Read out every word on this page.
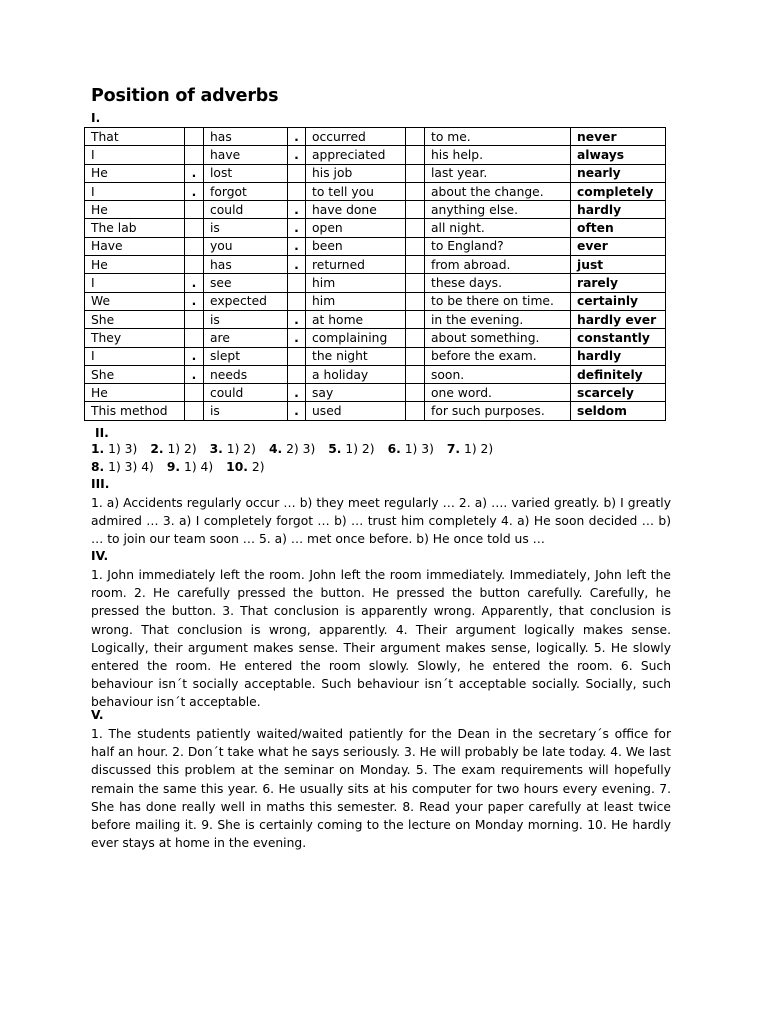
Position of adverbs
I.
That		has	.	occurred		to me.	never
I		have	.	appreciated		his help.	always
He	.	lost		his job		last year.	nearly
I	.	forgot		to tell you		about the change.	completely
He		could	.	have done		anything else.	hardly
The lab		is	.	open		all night.	often
Have		you	.	been		to England?	ever
He		has	.	returned		from abroad.	just
I	.	see		him		these days.	rarely
We	.	expected		him		to be there on time.	certainly
She		is	.	at home		in the evening.	hardly ever
They		are	.	complaining		about something.	constantly
I	.	slept		the night		before the exam.	hardly
She	.	needs		a holiday		soon.	definitely
He		could	.	say		one word.	scarcely
This method		is	.	used		for such purposes.	seldom
II.
1. 1) 3) 2. 1) 2) 3. 1) 2) 4. 2) 3) 5. 1) 2) 6. 1) 3) 7. 1) 2)
8. 1) 3) 4) 9. 1) 4) 10. 2)
III.
1. a) Accidents regularly occur … b) they meet regularly … 2. a) …. varied greatly. b) I greatly admired … 3. a) I completely forgot … b) … trust him completely 4. a) He soon decided … b) … to join our team soon … 5. a) … met once before. b) He once told us …
IV.
1. John immediately left the room. John left the room immediately. Immediately, John left the room. 2. He carefully pressed the button. He pressed the button carefully. Carefully, he pressed the button. 3. That conclusion is apparently wrong. Apparently, that conclusion is wrong. That conclusion is wrong, apparently. 4. Their argument logically makes sense. Logically, their argument makes sense. Their argument makes sense, logically. 5. He slowly entered the room. He entered the room slowly. Slowly, he entered the room. 6. Such behaviour isn´t socially acceptable. Such behaviour isn´t acceptable socially. Socially, such behaviour isn´t acceptable.
V.
1. The students patiently waited/waited patiently for the Dean in the secretary´s office for half an hour. 2. Don´t take what he says seriously. 3. He will probably be late today. 4. We last discussed this problem at the seminar on Monday. 5. The exam requirements will hopefully remain the same this year. 6. He usually sits at his computer for two hours every evening. 7. She has done really well in maths this semester. 8. Read your paper carefully at least twice before mailing it. 9. She is certainly coming to the lecture on Monday morning. 10. He hardly ever stays at home in the evening.
